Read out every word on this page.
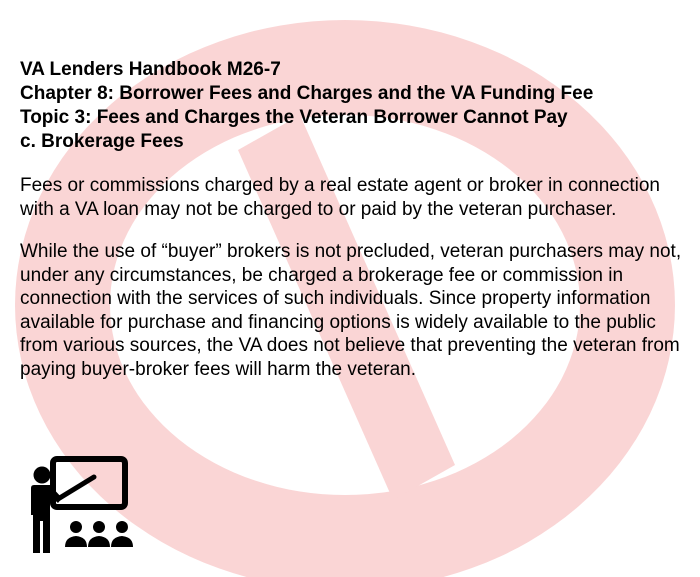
VA Lenders Handbook M26-7
Chapter 8: Borrower Fees and Charges and the VA Funding Fee
Topic 3: Fees and Charges the Veteran Borrower Cannot Pay
c. Brokerage Fees

Fees or commissions charged by a real estate agent or broker in connection with a VA loan may not be charged to or paid by the veteran purchaser.

While the use of “buyer” brokers is not precluded, veteran purchasers may not, under any circumstances, be charged a brokerage fee or commission in connection with the services of such individuals. Since property information available for purchase and financing options is widely available to the public from various sources, the VA does not believe that preventing the veteran from paying buyer-broker fees will harm the veteran.
